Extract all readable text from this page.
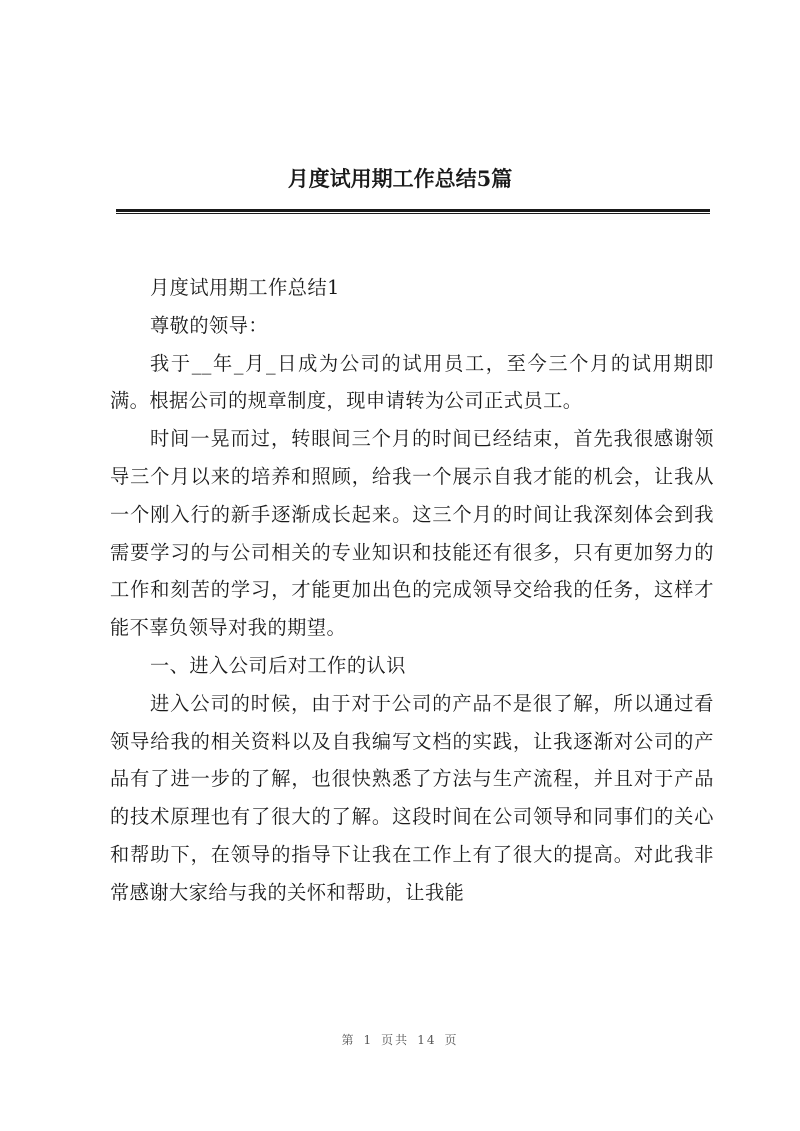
月度试用期工作总结5篇

月度试用期工作总结1

尊敬的领导：

我于__年_月_日成为公司的试用员工，至今三个月的试用期即满。根据公司的规章制度，现申请转为公司正式员工。

时间一晃而过，转眼间三个月的时间已经结束，首先我很感谢领导三个月以来的培养和照顾，给我一个展示自我才能的机会，让我从一个刚入行的新手逐渐成长起来。这三个月的时间让我深刻体会到我需要学习的与公司相关的专业知识和技能还有很多，只有更加努力的工作和刻苦的学习，才能更加出色的完成领导交给我的任务，这样才能不辜负领导对我的期望。

一、进入公司后对工作的认识

进入公司的时候，由于对于公司的产品不是很了解，所以通过看领导给我的相关资料以及自我编写文档的实践，让我逐渐对公司的产品有了进一步的了解，也很快熟悉了方法与生产流程，并且对于产品的技术原理也有了很大的了解。这段时间在公司领导和同事们的关心和帮助下，在领导的指导下让我在工作上有了很大的提高。对此我非常感谢大家给与我的关怀和帮助，让我能

第 1 页共 14 页
